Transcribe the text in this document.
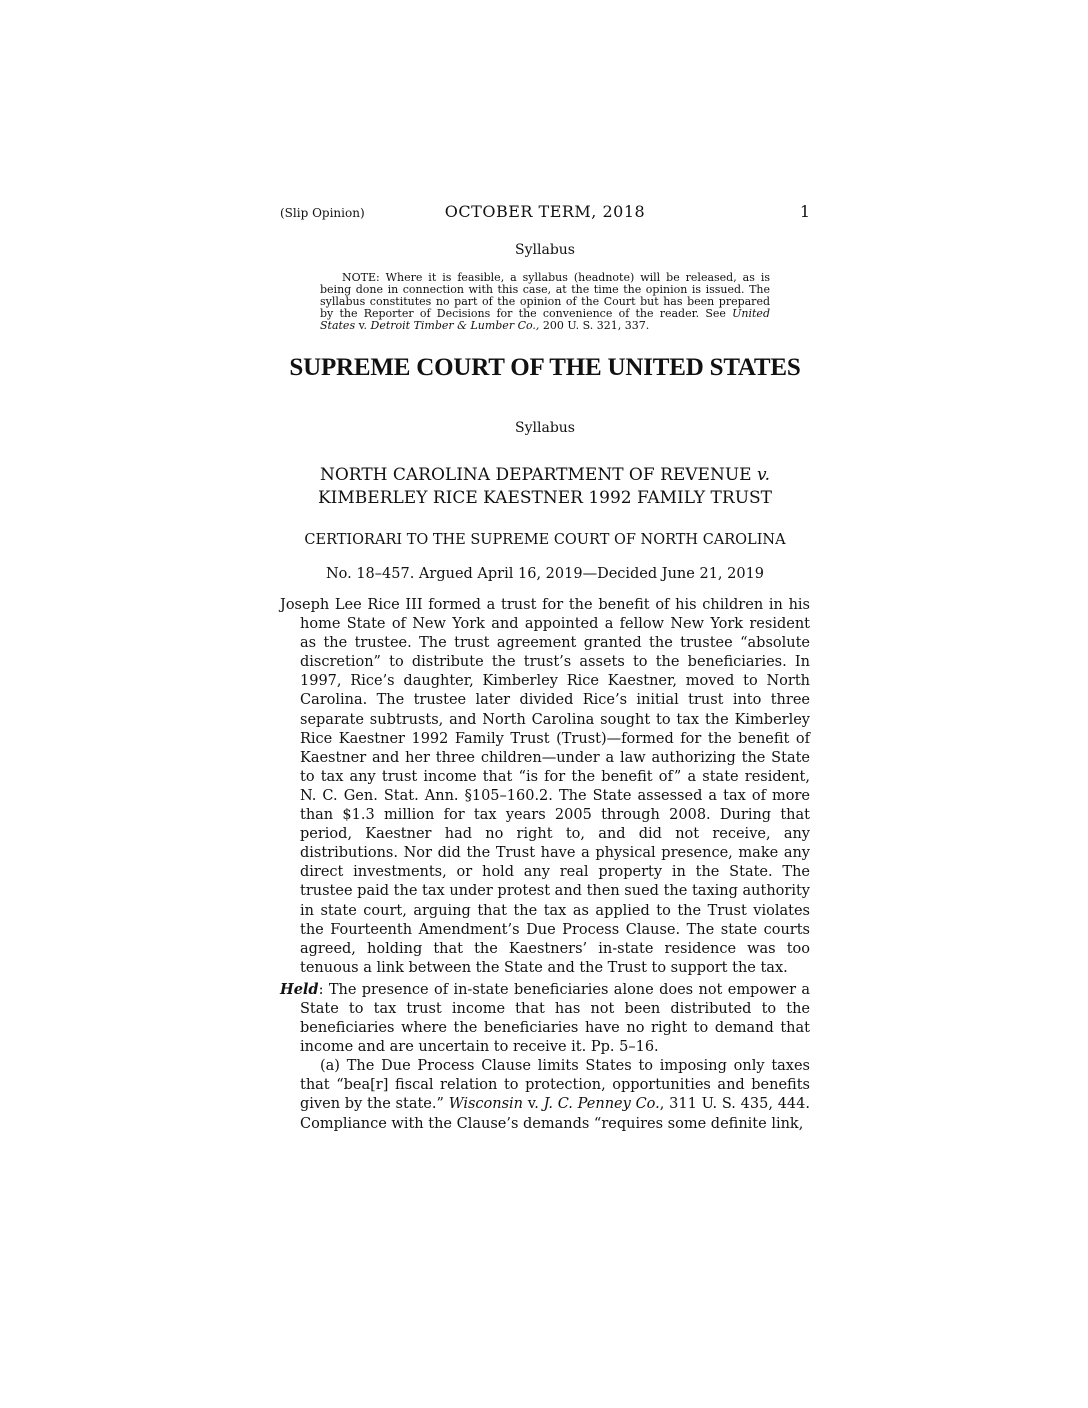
(Slip Opinion)	OCTOBER TERM, 2018	1
Syllabus
NOTE: Where it is feasible, a syllabus (headnote) will be released, as is being done in connection with this case, at the time the opinion is issued. The syllabus constitutes no part of the opinion of the Court but has been prepared by the Reporter of Decisions for the convenience of the reader. See United States v. Detroit Timber & Lumber Co., 200 U. S. 321, 337.
SUPREME COURT OF THE UNITED STATES
Syllabus
NORTH CAROLINA DEPARTMENT OF REVENUE v.
KIMBERLEY RICE KAESTNER 1992 FAMILY TRUST
CERTIORARI TO THE SUPREME COURT OF NORTH CAROLINA
No. 18–457. Argued April 16, 2019—Decided June 21, 2019
Joseph Lee Rice III formed a trust for the benefit of his children in his home State of New York and appointed a fellow New York resident as the trustee. The trust agreement granted the trustee “absolute discretion” to distribute the trust’s assets to the beneficiaries. In 1997, Rice’s daughter, Kimberley Rice Kaestner, moved to North Carolina. The trustee later divided Rice’s initial trust into three separate subtrusts, and North Carolina sought to tax the Kimberley Rice Kaestner 1992 Family Trust (Trust)—formed for the benefit of Kaestner and her three children—under a law authorizing the State to tax any trust income that “is for the benefit of” a state resident, N. C. Gen. Stat. Ann. §105–160.2. The State assessed a tax of more than $1.3 million for tax years 2005 through 2008. During that period, Kaestner had no right to, and did not receive, any distributions. Nor did the Trust have a physical presence, make any direct investments, or hold any real property in the State. The trustee paid the tax under protest and then sued the taxing authority in state court, arguing that the tax as applied to the Trust violates the Fourteenth Amendment’s Due Process Clause. The state courts agreed, holding that the Kaestners’ in-state residence was too tenuous a link between the State and the Trust to support the tax.
Held: The presence of in-state beneficiaries alone does not empower a State to tax trust income that has not been distributed to the beneficiaries where the beneficiaries have no right to demand that income and are uncertain to receive it. Pp. 5–16.
(a) The Due Process Clause limits States to imposing only taxes that “bea[r] fiscal relation to protection, opportunities and benefits given by the state.” Wisconsin v. J. C. Penney Co., 311 U. S. 435, 444. Compliance with the Clause’s demands “requires some definite link,
